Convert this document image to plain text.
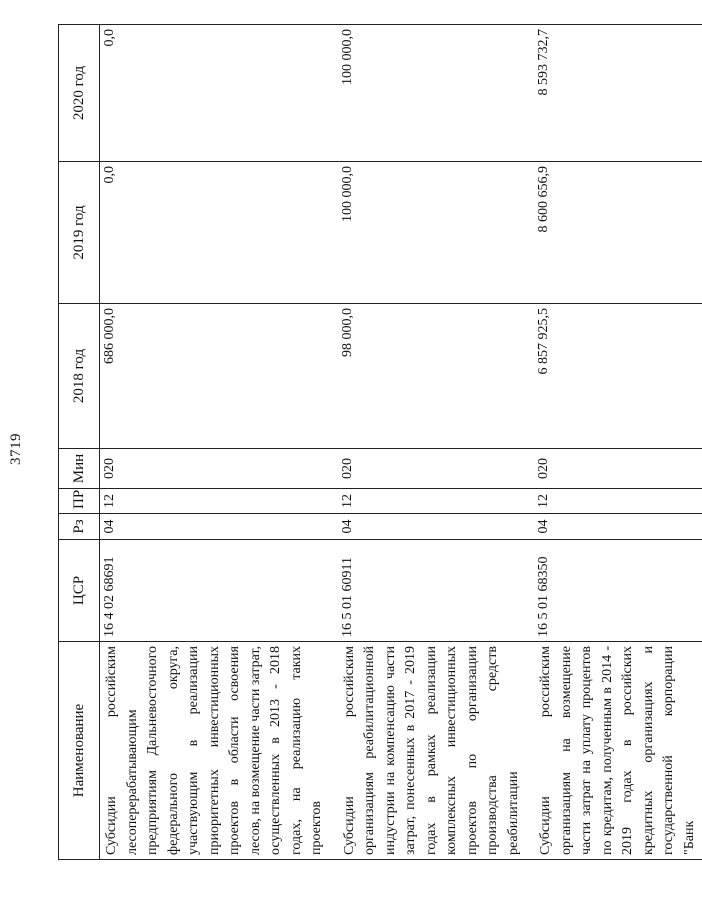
3719
Наименование	ЦСР	Рз	ПР	Мин	2018 год	2019 год	2020 год
Субсидии российским лесоперерабатывающим предприятиям Дальневосточного федерального округа, участвующим в реализации приоритетных инвестиционных проектов в области освоения лесов, на возмещение части затрат, осуществленных в 2013 - 2018 годах, на реализацию таких проектов	16 4 02 68691	04	12	020	686 000,0	0,0	0,0
Субсидии российским организациям реабилитационной индустрии на компенсацию части затрат, понесенных в 2017 - 2019 годах в рамках реализации комплексных инвестиционных проектов по организации производства средств реабилитации	16 5 01 60911	04	12	020	98 000,0	100 000,0	100 000,0
Субсидии российским организациям на возмещение части затрат на уплату процентов по кредитам, полученным в 2014 - 2019 годах в российских кредитных организациях и государственной корпорации "Банк	16 5 01 68350	04	12	020	6 857 925,5	8 600 656,9	8 593 732,7
